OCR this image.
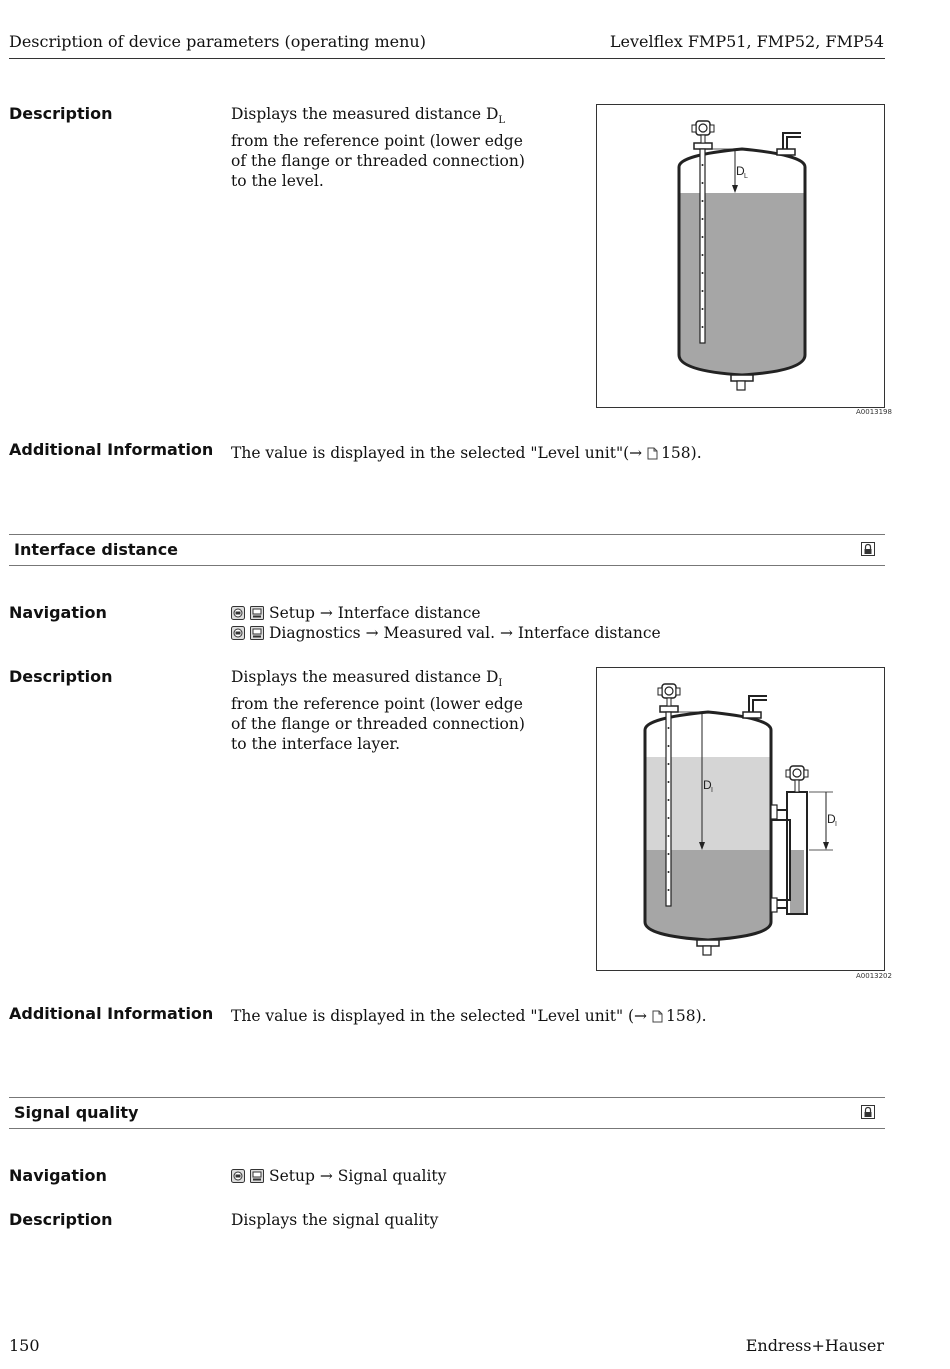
Description of device parameters (operating menu)	Levelflex FMP51, FMP52, FMP54
Description	Displays the measured distance $D_L$ from the reference point (lower edge of the flange or threaded connection) to the level.
D L
A0013198
Additional Information The value is displayed in the selected "Level unit"(→ 158).
Interface distance
Navigation	Setup → Interface distance
Diagnostics → Measured val. → Interface distance
Description	Displays the measured distance $D_I$ from the reference point (lower edge of the flange or threaded connection) to the interface layer.
D I
D I
A0013202
Additional Information The value is displayed in the selected "Level unit" (→ 158).
Signal quality
Navigation	Setup → Signal quality
Description	Displays the signal quality
150	Endress+Hauser
